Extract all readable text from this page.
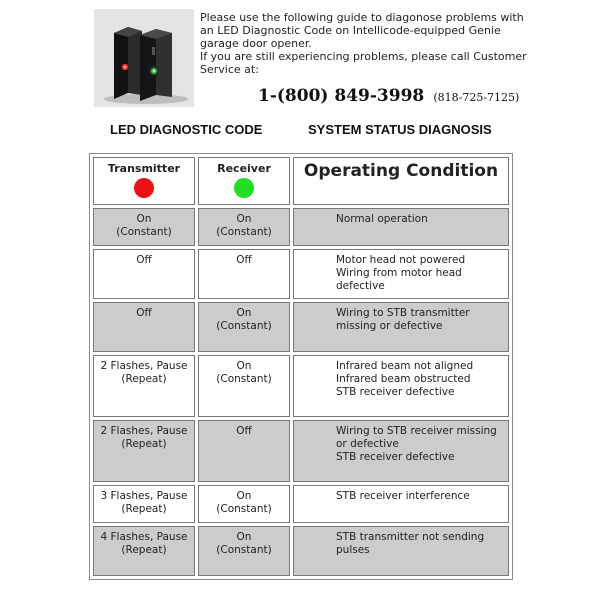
Please use the following guide to diagonose problems with an LED Diagnostic Code on Intellicode-equipped Genie garage door opener.

If you are still experiencing problems, please call Customer Service at:

1-(800) 849-3998 (818-725-7125)
LED DIAGNOSTIC CODE	SYSTEM STATUS DIAGNOSIS
Transmitter	Receiver	Operating Condition

On
(Constant)	On
(Constant)	Normal operation

Off	Off	Motor head not powered
Wiring from motor head defective

Off	On
(Constant)	Wiring to STB transmitter missing or defective

2 Flashes, Pause
(Repeat)	On
(Constant)	Infrared beam not aligned
Infrared beam obstructed
STB receiver defective

2 Flashes, Pause
(Repeat)	Off	Wiring to STB receiver missing or defective
STB receiver defective

3 Flashes, Pause
(Repeat)	On
(Constant)	STB receiver interference

4 Flashes, Pause
(Repeat)	On
(Constant)	STB transmitter not sending pulses
